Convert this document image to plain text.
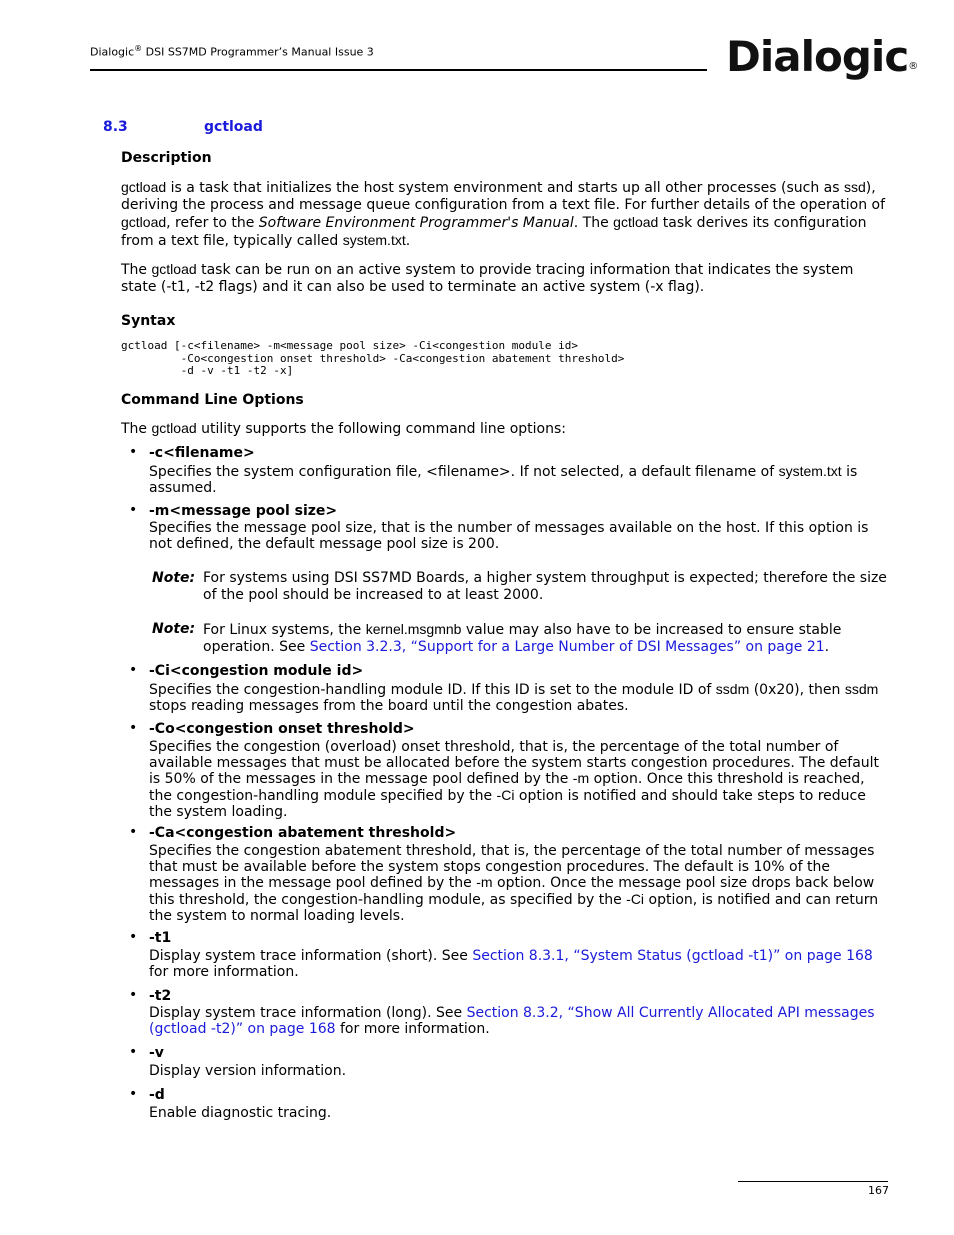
Dialogic® DSI SS7MD Programmer’s Manual Issue 3	Dialogic®
8.3	gctload
Description
gctload is a task that initializes the host system environment and starts up all other processes (such as ssd), deriving the process and message queue configuration from a text file. For further details of the operation of gctload, refer to the Software Environment Programmer's Manual. The gctload task derives its configuration from a text file, typically called system.txt.
The gctload task can be run on an active system to provide tracing information that indicates the system state (-t1, -t2 flags) and it can also be used to terminate an active system (-x flag).
Syntax
gctload [-c<filename> -m<message pool size> -Ci<congestion module id>
-Co<congestion onset threshold> -Ca<congestion abatement threshold>
-d -v -t1 -t2 -x]
Command Line Options
The gctload utility supports the following command line options:
• -c<filename>
Specifies the system configuration file, <filename>. If not selected, a default filename of system.txt is assumed.
• -m<message pool size>
Specifies the message pool size, that is the number of messages available on the host. If this option is not defined, the default message pool size is 200.
Note: For systems using DSI SS7MD Boards, a higher system throughput is expected; therefore the size of the pool should be increased to at least 2000.
Note: For Linux systems, the kernel.msgmnb value may also have to be increased to ensure stable operation. See Section 3.2.3, “Support for a Large Number of DSI Messages” on page 21.
• -Ci<congestion module id>
Specifies the congestion-handling module ID. If this ID is set to the module ID of ssdm (0x20), then ssdm stops reading messages from the board until the congestion abates.
• -Co<congestion onset threshold>
Specifies the congestion (overload) onset threshold, that is, the percentage of the total number of available messages that must be allocated before the system starts congestion procedures. The default is 50% of the messages in the message pool defined by the -m option. Once this threshold is reached, the congestion-handling module specified by the -Ci option is notified and should take steps to reduce the system loading.
• -Ca<congestion abatement threshold>
Specifies the congestion abatement threshold, that is, the percentage of the total number of messages that must be available before the system stops congestion procedures. The default is 10% of the messages in the message pool defined by the -m option. Once the message pool size drops back below this threshold, the congestion-handling module, as specified by the -Ci option, is notified and can return the system to normal loading levels.
• -t1
Display system trace information (short). See Section 8.3.1, “System Status (gctload -t1)” on page 168 for more information.
• -t2
Display system trace information (long). See Section 8.3.2, “Show All Currently Allocated API messages (gctload -t2)” on page 168 for more information.
• -v
Display version information.
• -d
Enable diagnostic tracing.
167
